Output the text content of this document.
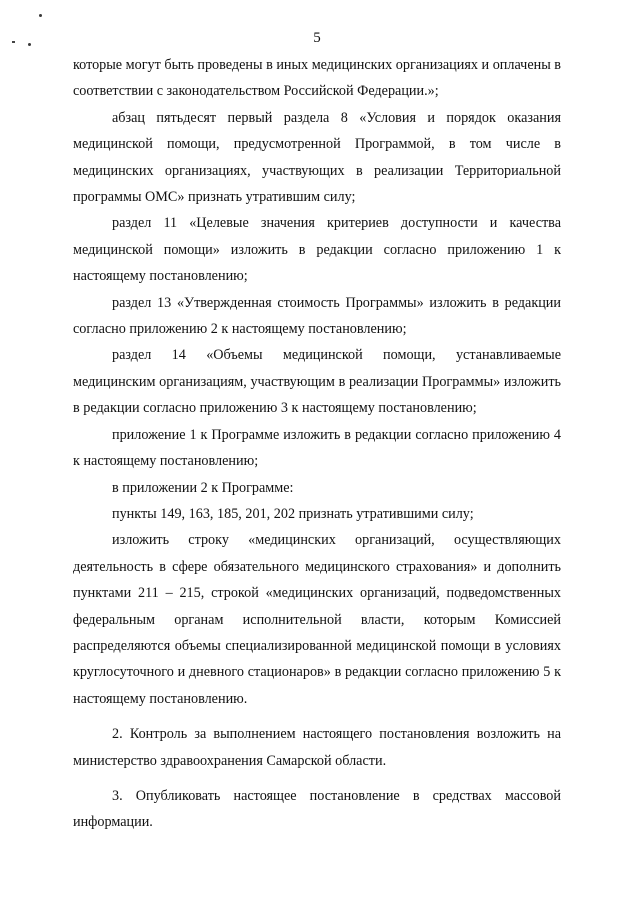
5

которые могут быть проведены в иных медицинских организациях и оплачены в соответствии с законодательством Российской Федерации.»;

абзац пятьдесят первый раздела 8 «Условия и порядок оказания медицинской помощи, предусмотренной Программой, в том числе в медицинских организациях, участвующих в реализации Территориальной программы ОМС» признать утратившим силу;

раздел 11 «Целевые значения критериев доступности и качества медицинской помощи» изложить в редакции согласно приложению 1 к настоящему постановлению;

раздел 13 «Утвержденная стоимость Программы» изложить в редакции согласно приложению 2 к настоящему постановлению;

раздел 14 «Объемы медицинской помощи, устанавливаемые медицинским организациям, участвующим в реализации Программы» изложить в редакции согласно приложению 3 к настоящему постановлению;

приложение 1 к Программе изложить в редакции согласно приложению 4 к настоящему постановлению;

в приложении 2 к Программе:

пункты 149, 163, 185, 201, 202 признать утратившими силу;

изложить строку «медицинских организаций, осуществляющих деятельность в сфере обязательного медицинского страхования» и дополнить пунктами 211 – 215, строкой «медицинских организаций, подведомственных федеральным органам исполнительной власти, которым Комиссией распределяются объемы специализированной медицинской помощи в условиях круглосуточного и дневного стационаров» в редакции согласно приложению 5 к настоящему постановлению.

2. Контроль за выполнением настоящего постановления возложить на министерство здравоохранения Самарской области.

3. Опубликовать настоящее постановление в средствах массовой информации.
